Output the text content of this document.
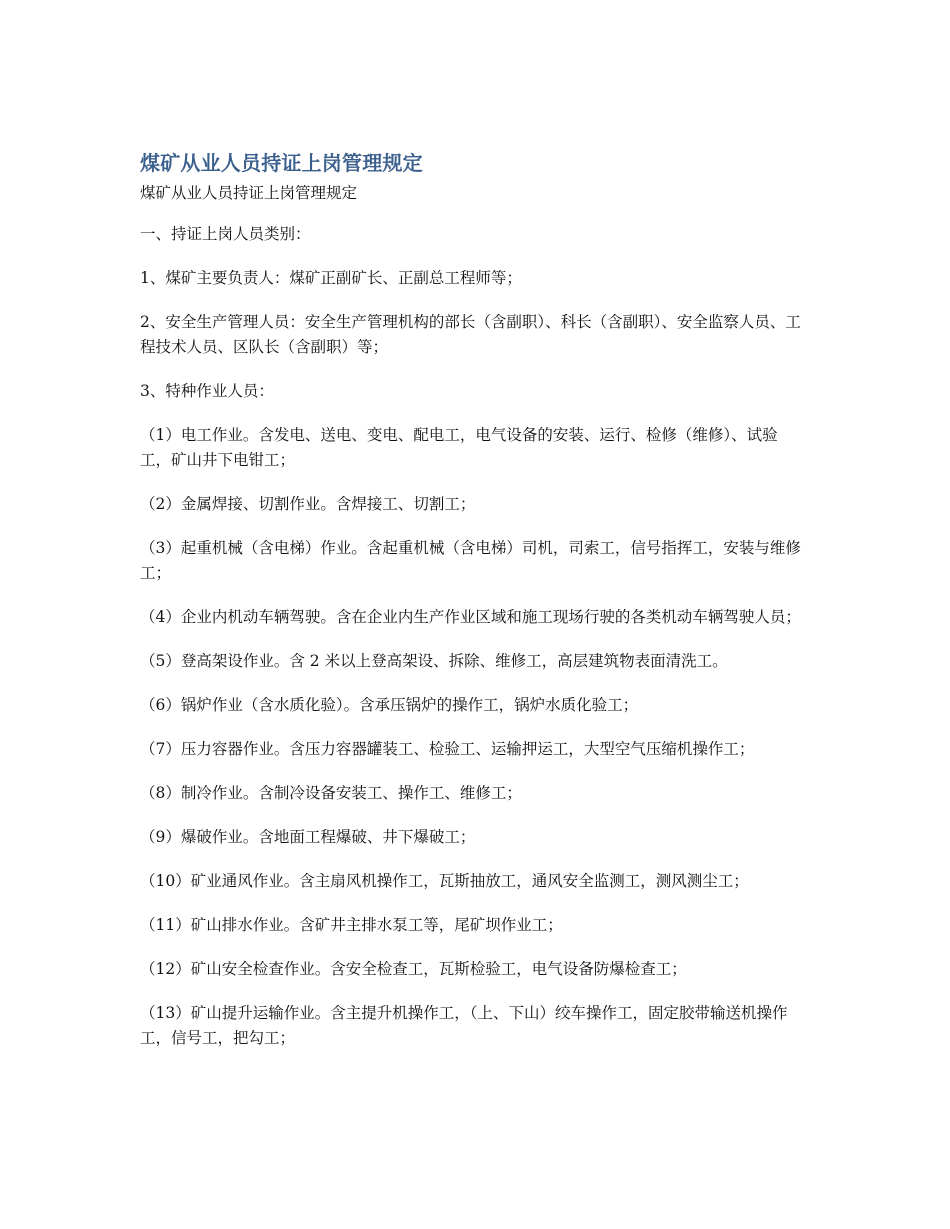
煤矿从业人员持证上岗管理规定

煤矿从业人员持证上岗管理规定

一、持证上岗人员类别：

1、煤矿主要负责人：煤矿正副矿长、正副总工程师等；

2、安全生产管理人员：安全生产管理机构的部长（含副职）、科长（含副职）、安全监察人员、工程技术人员、区队长（含副职）等；

3、特种作业人员：

（1）电工作业。含发电、送电、变电、配电工，电气设备的安装、运行、检修（维修）、试验工，矿山井下电钳工；

（2）金属焊接、切割作业。含焊接工、切割工；

（3）起重机械（含电梯）作业。含起重机械（含电梯）司机，司索工，信号指挥工，安装与维修工；

（4）企业内机动车辆驾驶。含在企业内生产作业区域和施工现场行驶的各类机动车辆驾驶人员；

（5）登高架设作业。含 2 米以上登高架设、拆除、维修工，高层建筑物表面清洗工。

（6）锅炉作业（含水质化验）。含承压锅炉的操作工，锅炉水质化验工；

（7）压力容器作业。含压力容器罐装工、检验工、运输押运工，大型空气压缩机操作工；

（8）制冷作业。含制冷设备安装工、操作工、维修工；

（9）爆破作业。含地面工程爆破、井下爆破工；

（10）矿业通风作业。含主扇风机操作工，瓦斯抽放工，通风安全监测工，测风测尘工；

（11）矿山排水作业。含矿井主排水泵工等，尾矿坝作业工；

（12）矿山安全检查作业。含安全检查工，瓦斯检验工，电气设备防爆检查工；

（13）矿山提升运输作业。含主提升机操作工，（上、下山）绞车操作工，固定胶带输送机操作工，信号工，把勾工；
